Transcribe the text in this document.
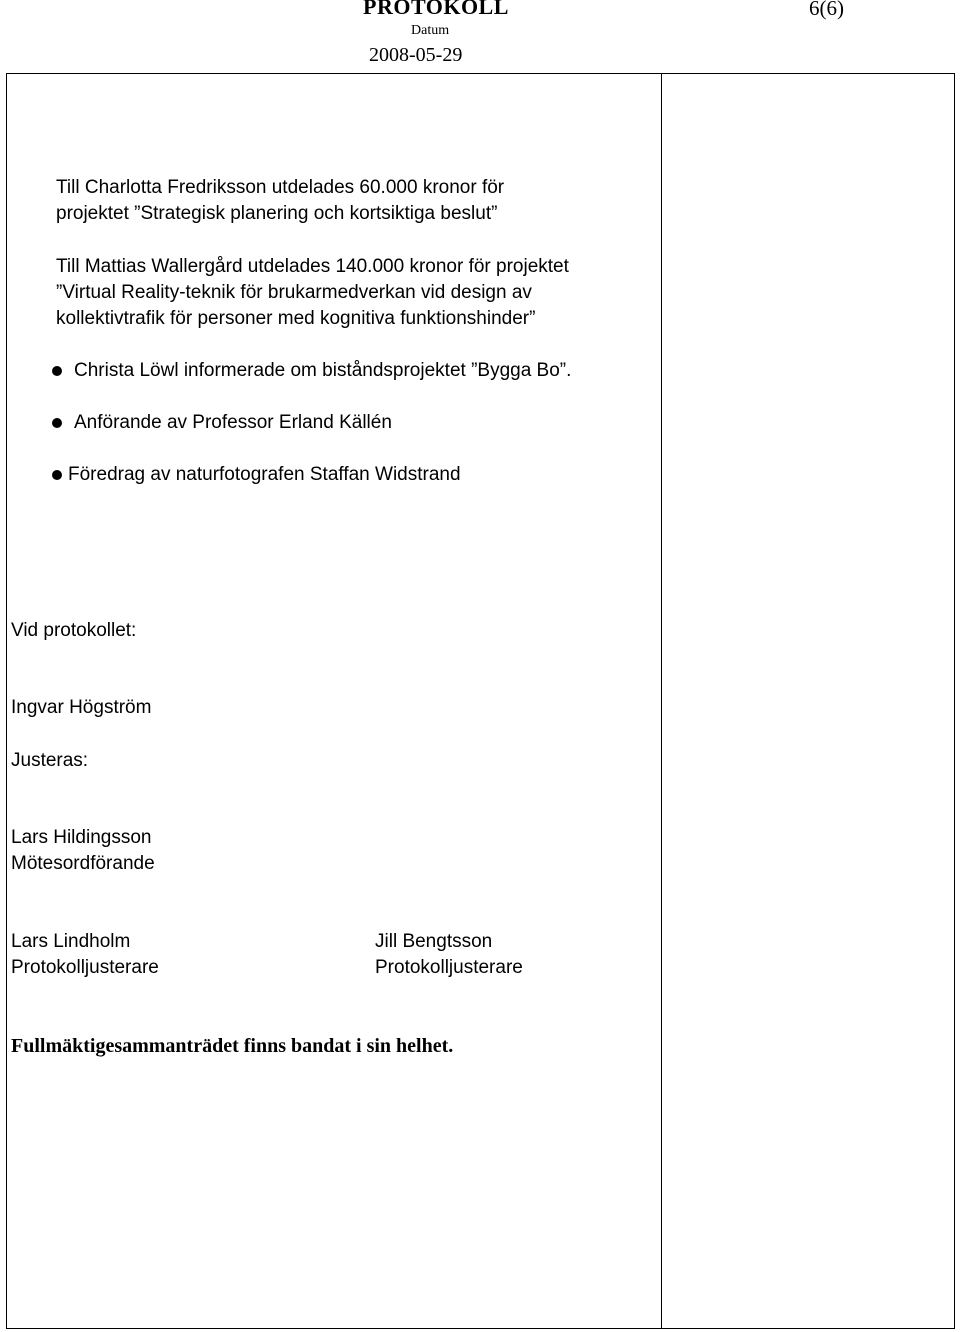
PROTOKOLL	6(6)
Datum
2008-05-29
Till Charlotta Fredriksson utdelades 60.000 kronor för
projektet ”Strategisk planering och kortsiktiga beslut”
Till Mattias Wallergård utdelades 140.000 kronor för projektet
”Virtual Reality-teknik för brukarmedverkan vid design av
kollektivtrafik för personer med kognitiva funktionshinder”
Christa Löwl informerade om biståndsprojektet ”Bygga Bo”.
Anförande av Professor Erland Källén
Föredrag av naturfotografen Staffan Widstrand
Vid protokollet:
Ingvar Högström
Justeras:
Lars Hildingsson
Mötesordförande
Lars Lindholm
Protokolljusterare
Jill Bengtsson
Protokolljusterare
Fullmäktigesammanträdet finns bandat i sin helhet.
